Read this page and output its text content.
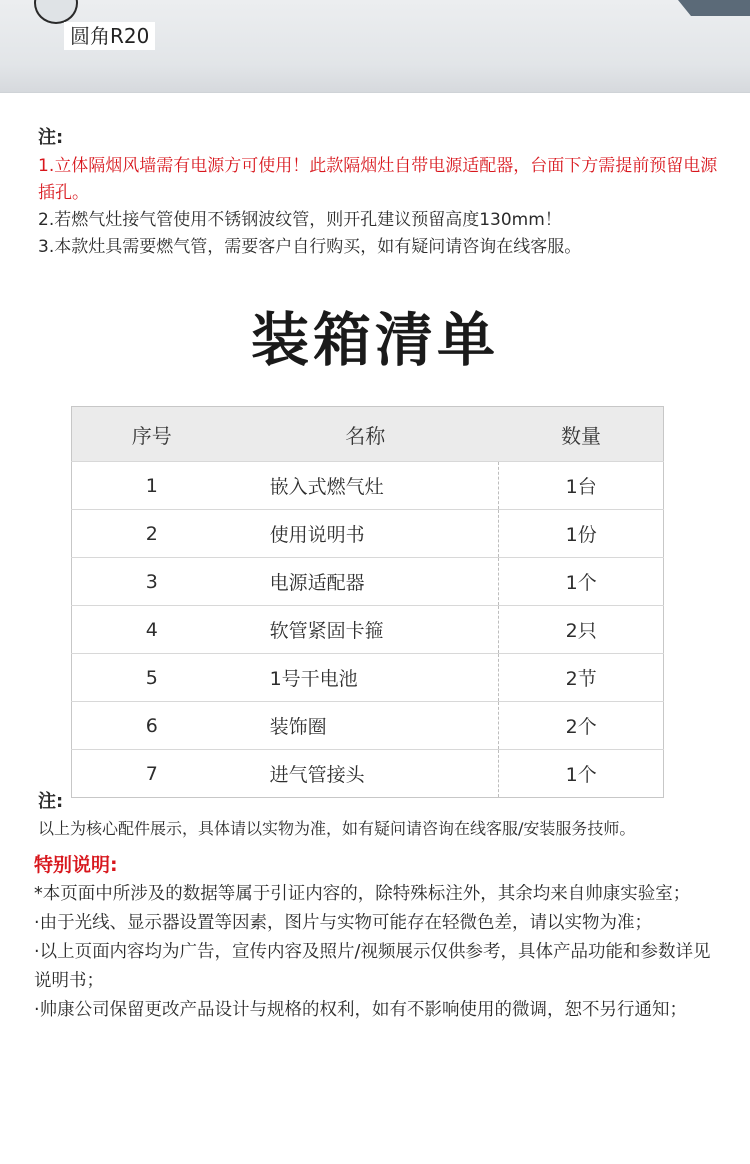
圆角R20
注:

1.立体隔烟风墙需有电源方可使用！此款隔烟灶自带电源适配器，台面下方需提前预留电源插孔。

2.若燃气灶接气管使用不锈钢波纹管，则开孔建议预留高度130mm！

3.本款灶具需要燃气管，需要客户自行购买，如有疑问请咨询在线客服。

装箱清单
序号	名称	数量
1	嵌入式燃气灶	1台
2	使用说明书	1份
3	电源适配器	1个
4	软管紧固卡箍	2只
5	1号干电池	2节
6	装饰圈	2个
7	进气管接头	1个
注:
以上为核心配件展示，具体请以实物为准，如有疑问请咨询在线客服/安装服务技师。
特别说明:

*本页面中所涉及的数据等属于引证内容的，除特殊标注外，其余均来自帅康实验室；

·由于光线、显示器设置等因素，图片与实物可能存在轻微色差，请以实物为准；

·以上页面内容均为广告，宣传内容及照片/视频展示仅供参考，具体产品功能和参数详见说明书；

·帅康公司保留更改产品设计与规格的权利，如有不影响使用的微调，恕不另行通知；
